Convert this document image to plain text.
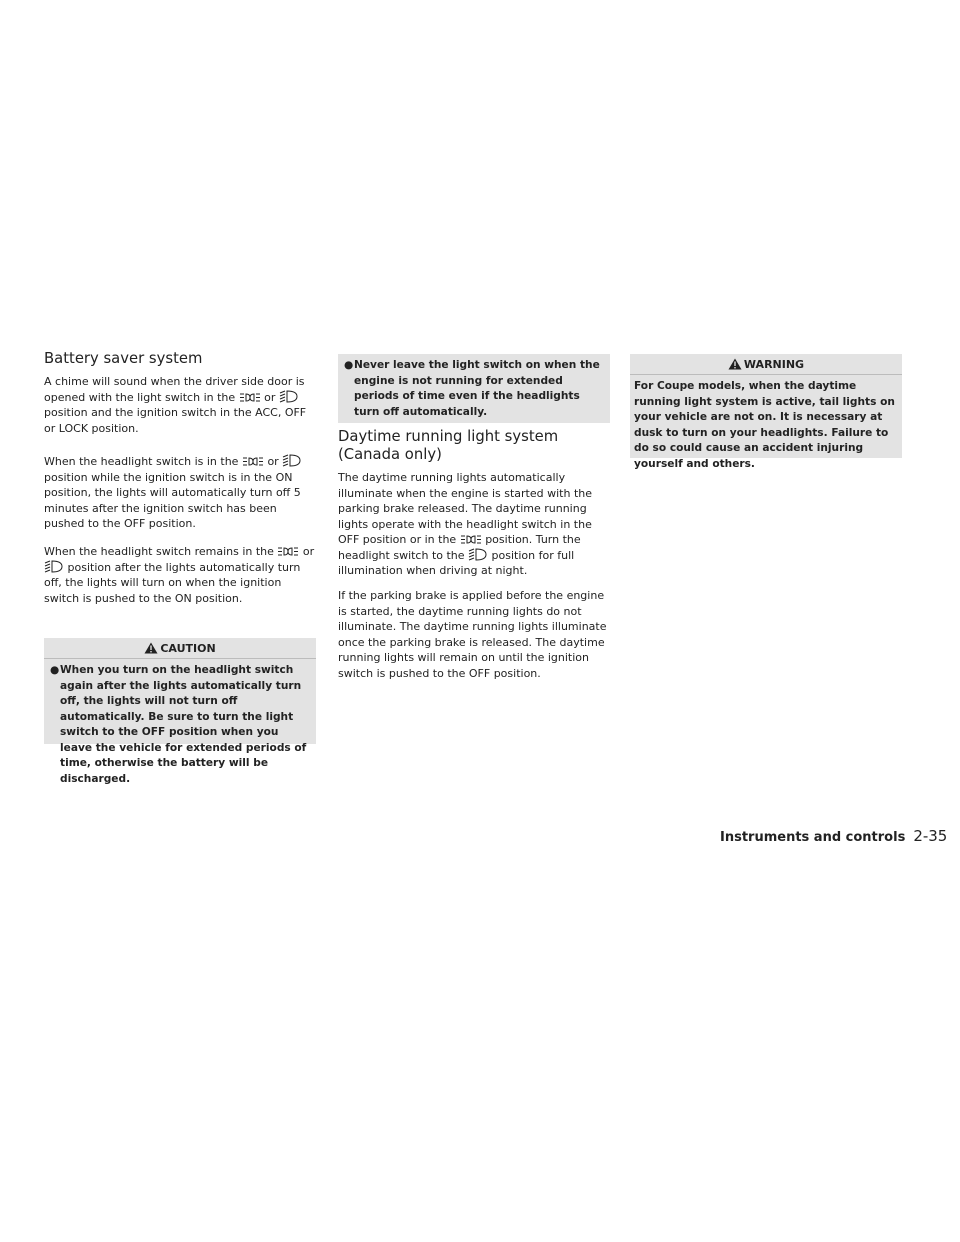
Battery saver system

A chime will sound when the driver side door is opened with the light switch in the	or  position and the ignition switch in the ACC, OFF or LOCK position.

When the headlight switch is in the	or  position while the ignition switch is in the ON position, the lights will automatically turn off 5 minutes after the ignition switch has been pushed to the OFF position.

When the headlight switch remains in the	or  position after the lights automatically turn off, the lights will turn on when the ignition switch is pushed to the ON position.

CAUTION
● When you turn on the headlight switch again after the lights automatically turn off, the lights will not turn off automatically. Be sure to turn the light switch to the OFF position when you leave the vehicle for extended periods of time, otherwise the battery will be discharged.
● Never leave the light switch on when the engine is not running for extended periods of time even if the headlights turn off automatically.
Daytime running light system
(Canada only)

The daytime running lights automatically illuminate when the engine is started with the parking brake released. The daytime running lights operate with the headlight switch in the OFF position or in the	position. Turn the headlight switch to the position for full illumination when driving at night.

If the parking brake is applied before the engine is started, the daytime running lights do not illuminate. The daytime running lights illuminate once the parking brake is released. The daytime running lights will remain on until the ignition switch is pushed to the OFF position.

WARNING
For Coupe models, when the daytime running light system is active, tail lights on your vehicle are not on. It is necessary at dusk to turn on your headlights. Failure to do so could cause an accident injuring yourself and others.
Instruments and controls 2-35
